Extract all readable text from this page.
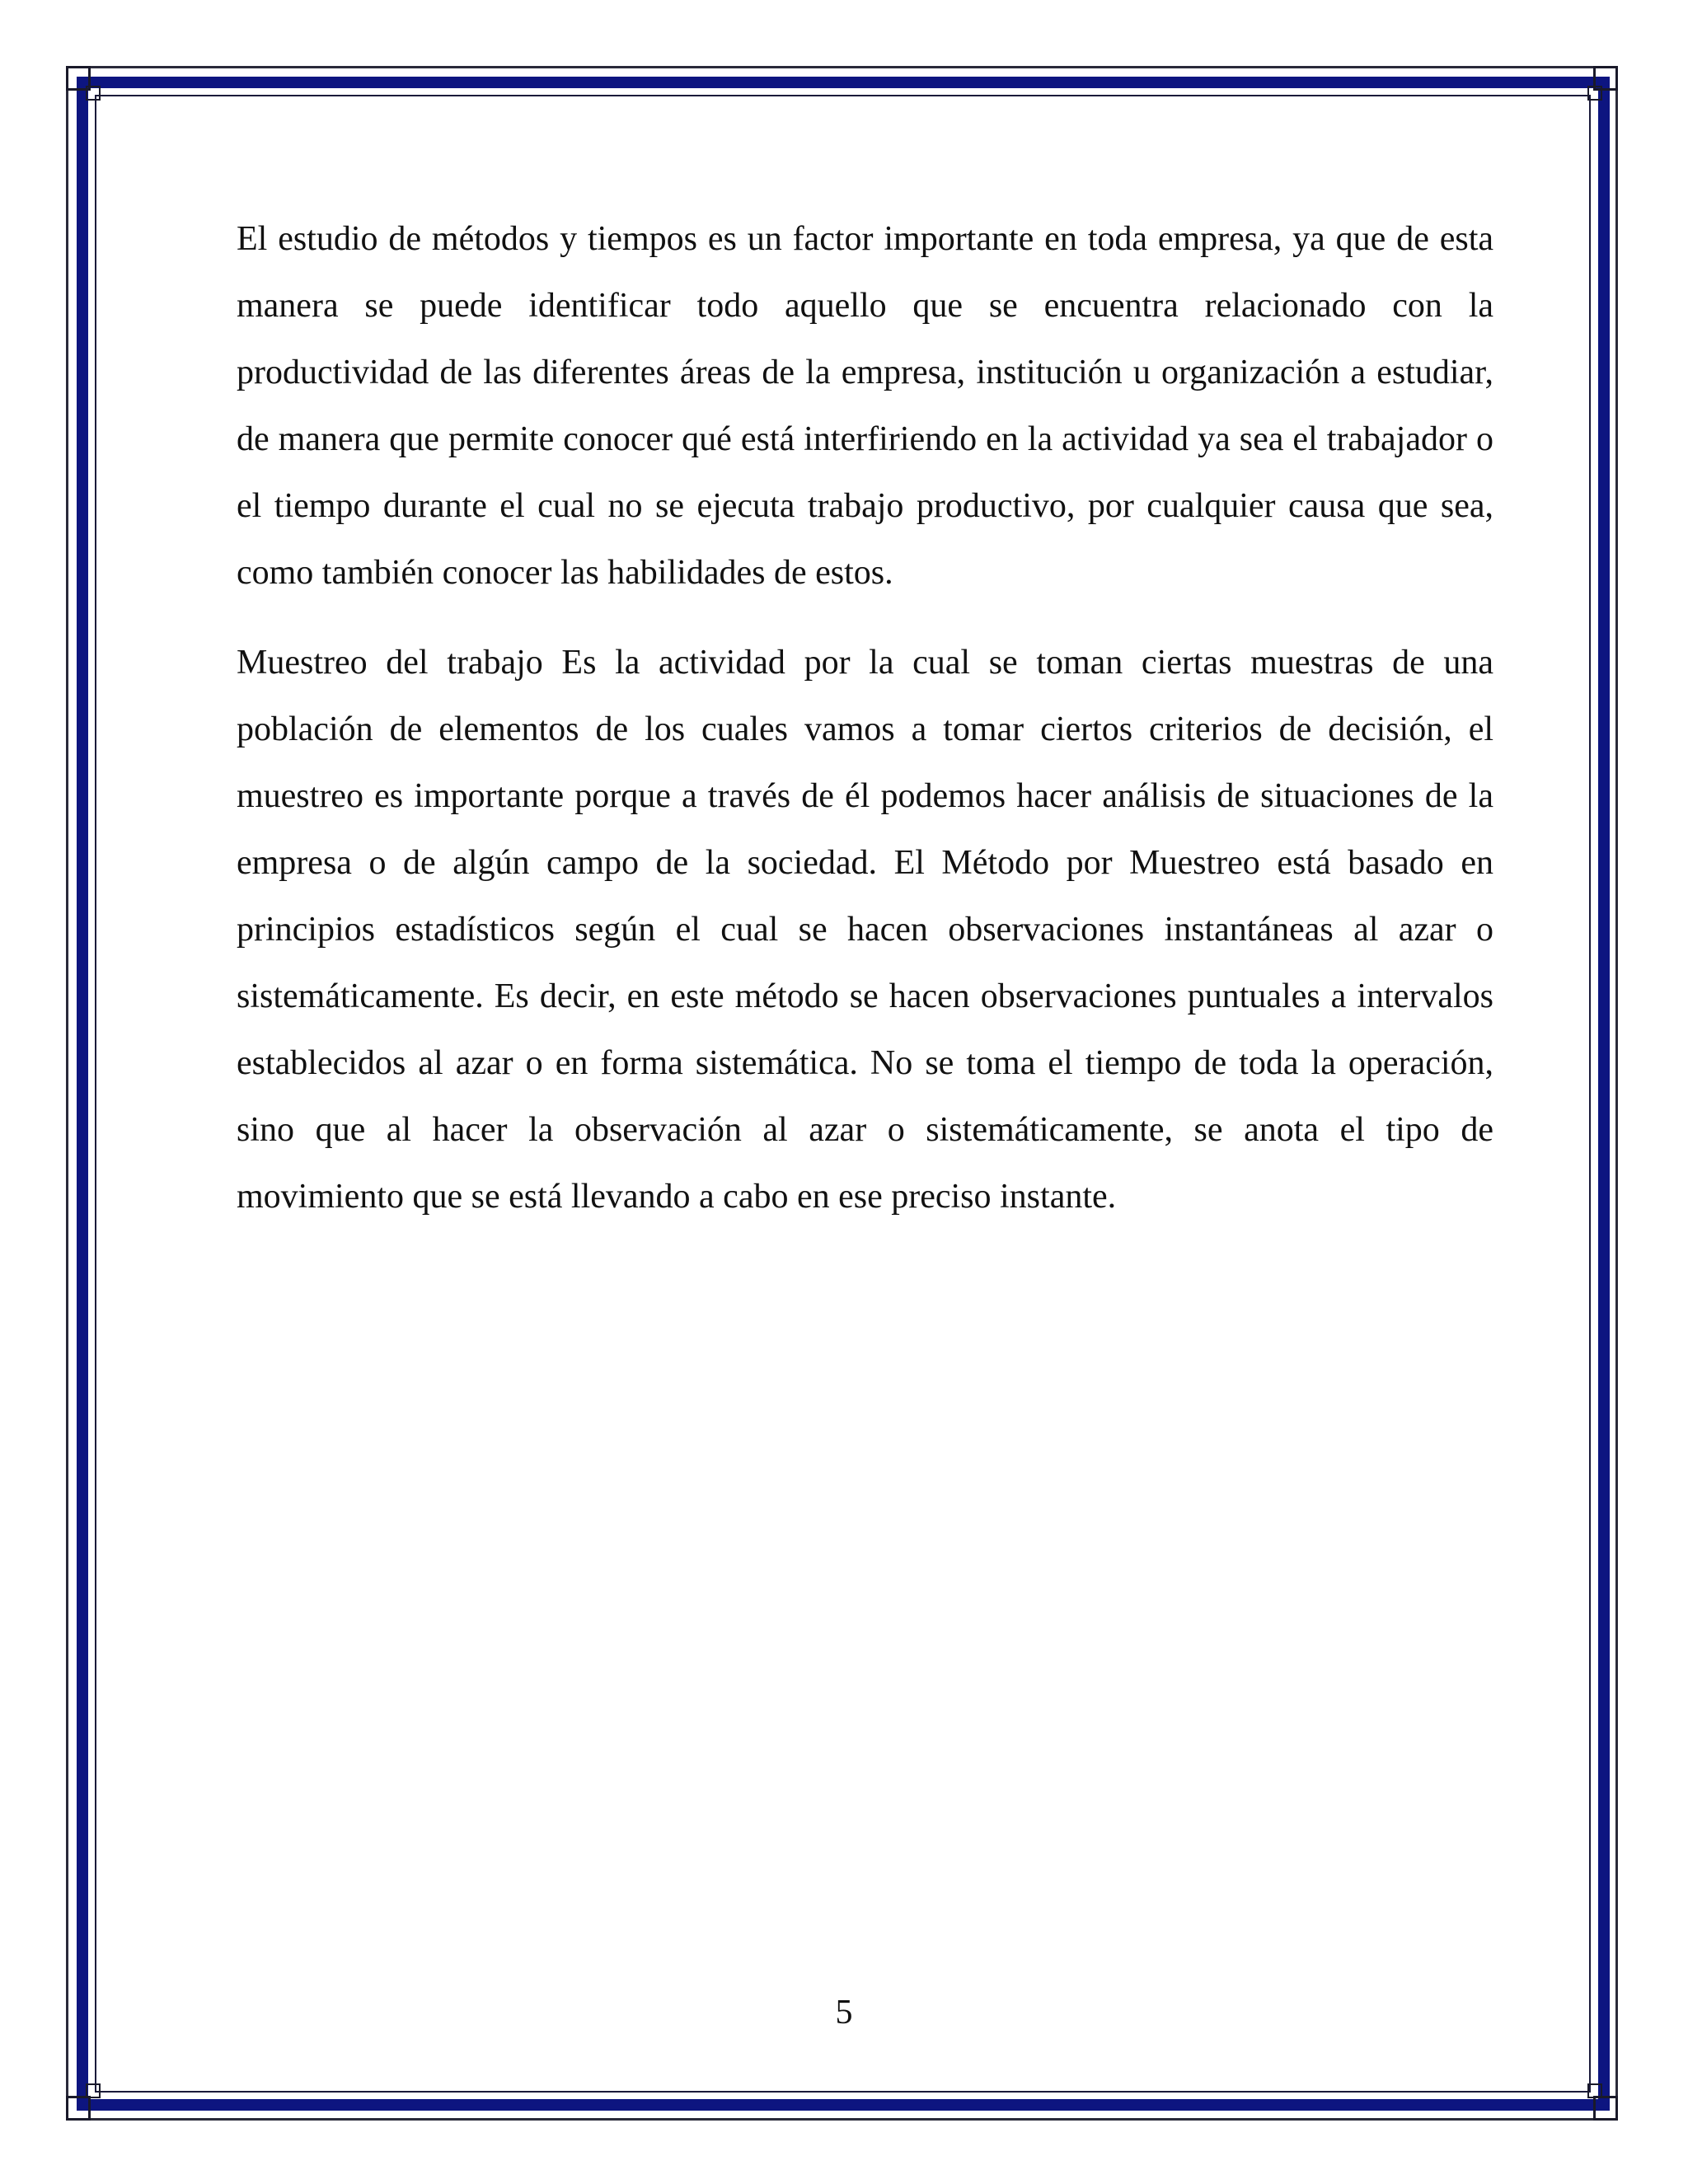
El estudio de métodos y tiempos es un factor importante en toda empresa, ya que de esta manera se puede identificar todo aquello que se encuentra relacionado con la productividad de las diferentes áreas de la empresa, institución u organización a estudiar, de manera que permite conocer qué está interfiriendo en la actividad ya sea el trabajador o el tiempo durante el cual no se ejecuta trabajo productivo, por cualquier causa que sea, como también conocer las habilidades de estos.

Muestreo del trabajo Es la actividad por la cual se toman ciertas muestras de una población de elementos de los cuales vamos a tomar ciertos criterios de decisión, el muestreo es importante porque a través de él podemos hacer análisis de situaciones de la empresa o de algún campo de la sociedad. El Método por Muestreo está basado en principios estadísticos según el cual se hacen observaciones instantáneas al azar o sistemáticamente. Es decir, en este método se hacen observaciones puntuales a intervalos establecidos al azar o en forma sistemática. No se toma el tiempo de toda la operación, sino que al hacer la observación al azar o sistemáticamente, se anota el tipo de movimiento que se está llevando a cabo en ese preciso instante.

5
